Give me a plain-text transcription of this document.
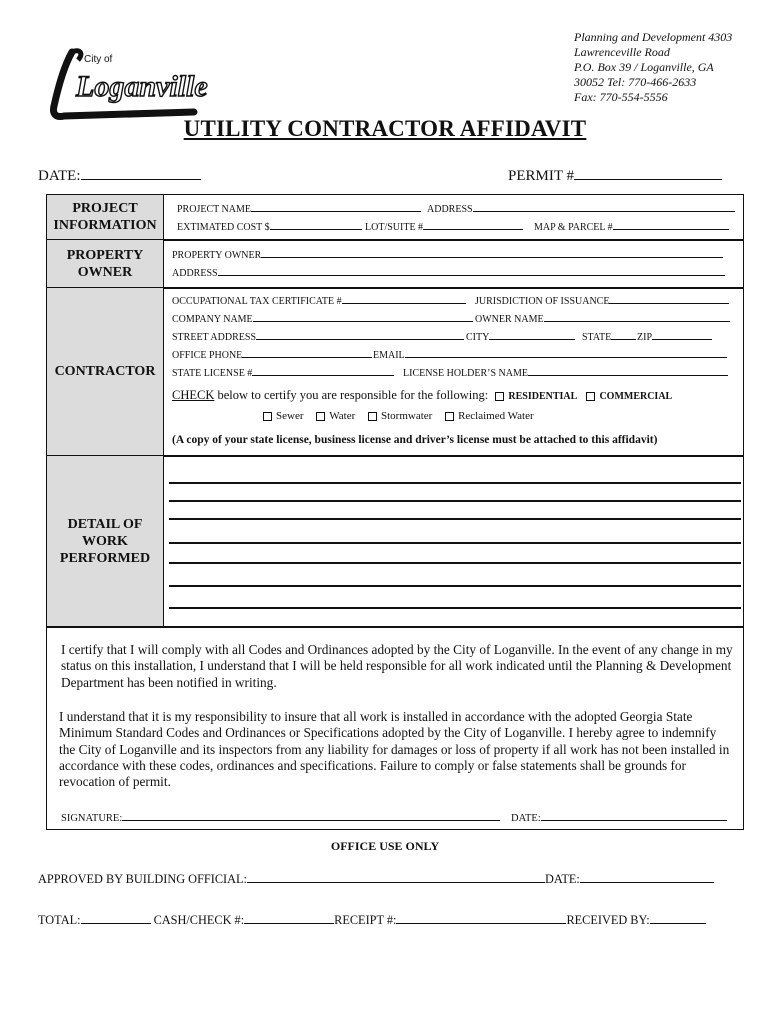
City of
Loganville
Planning and Development 4303
Lawrenceville Road
P.O. Box 39 / Loganville, GA
30052 Tel: 770-466-2633
Fax: 770-554-5556
UTILITY CONTRACTOR AFFIDAVIT
DATE:	PERMIT #
PROJECT INFORMATION
PROJECT NAME	ADDRESS
EXTIMATED COST $	LOT/SUITE #	MAP & PARCEL #
PROPERTY OWNER
PROPERTY OWNER
ADDRESS
CONTRACTOR
OCCUPATIONAL TAX CERTIFICATE #	JURISDICTION OF ISSUANCE
COMPANY NAME	OWNER NAME
STREET ADDRESS	CITY	STATE	ZIP
OFFICE PHONE	EMAIL
STATE LICENSE #	LICENSE HOLDER’S NAME
CHECK below to certify you are responsible for the following: RESIDENTIAL COMMERCIAL
Sewer Water Stormwater Reclaimed Water
(A copy of your state license, business license and driver’s license must be attached to this affidavit)
DETAIL OF WORK PERFORMED
I certify that I will comply with all Codes and Ordinances adopted by the City of Loganville. In the event of any change in my status on this installation, I understand that I will be held responsible for all work indicated until the Planning & Development Department has been notified in writing.
I understand that it is my responsibility to insure that all work is installed in accordance with the adopted Georgia State Minimum Standard Codes and Ordinances or Specifications adopted by the City of Loganville. I hereby agree to indemnify the City of Loganville and its inspectors from any liability for damages or loss of property if all work has not been installed in accordance with these codes, ordinances and specifications. Failure to comply or false statements shall be grounds for revocation of permit.
SIGNATURE:	DATE:
OFFICE USE ONLY
APPROVED BY BUILDING OFFICIAL:	DATE:
TOTAL:	CASH/CHECK #:	RECEIPT #:	RECEIVED BY:
